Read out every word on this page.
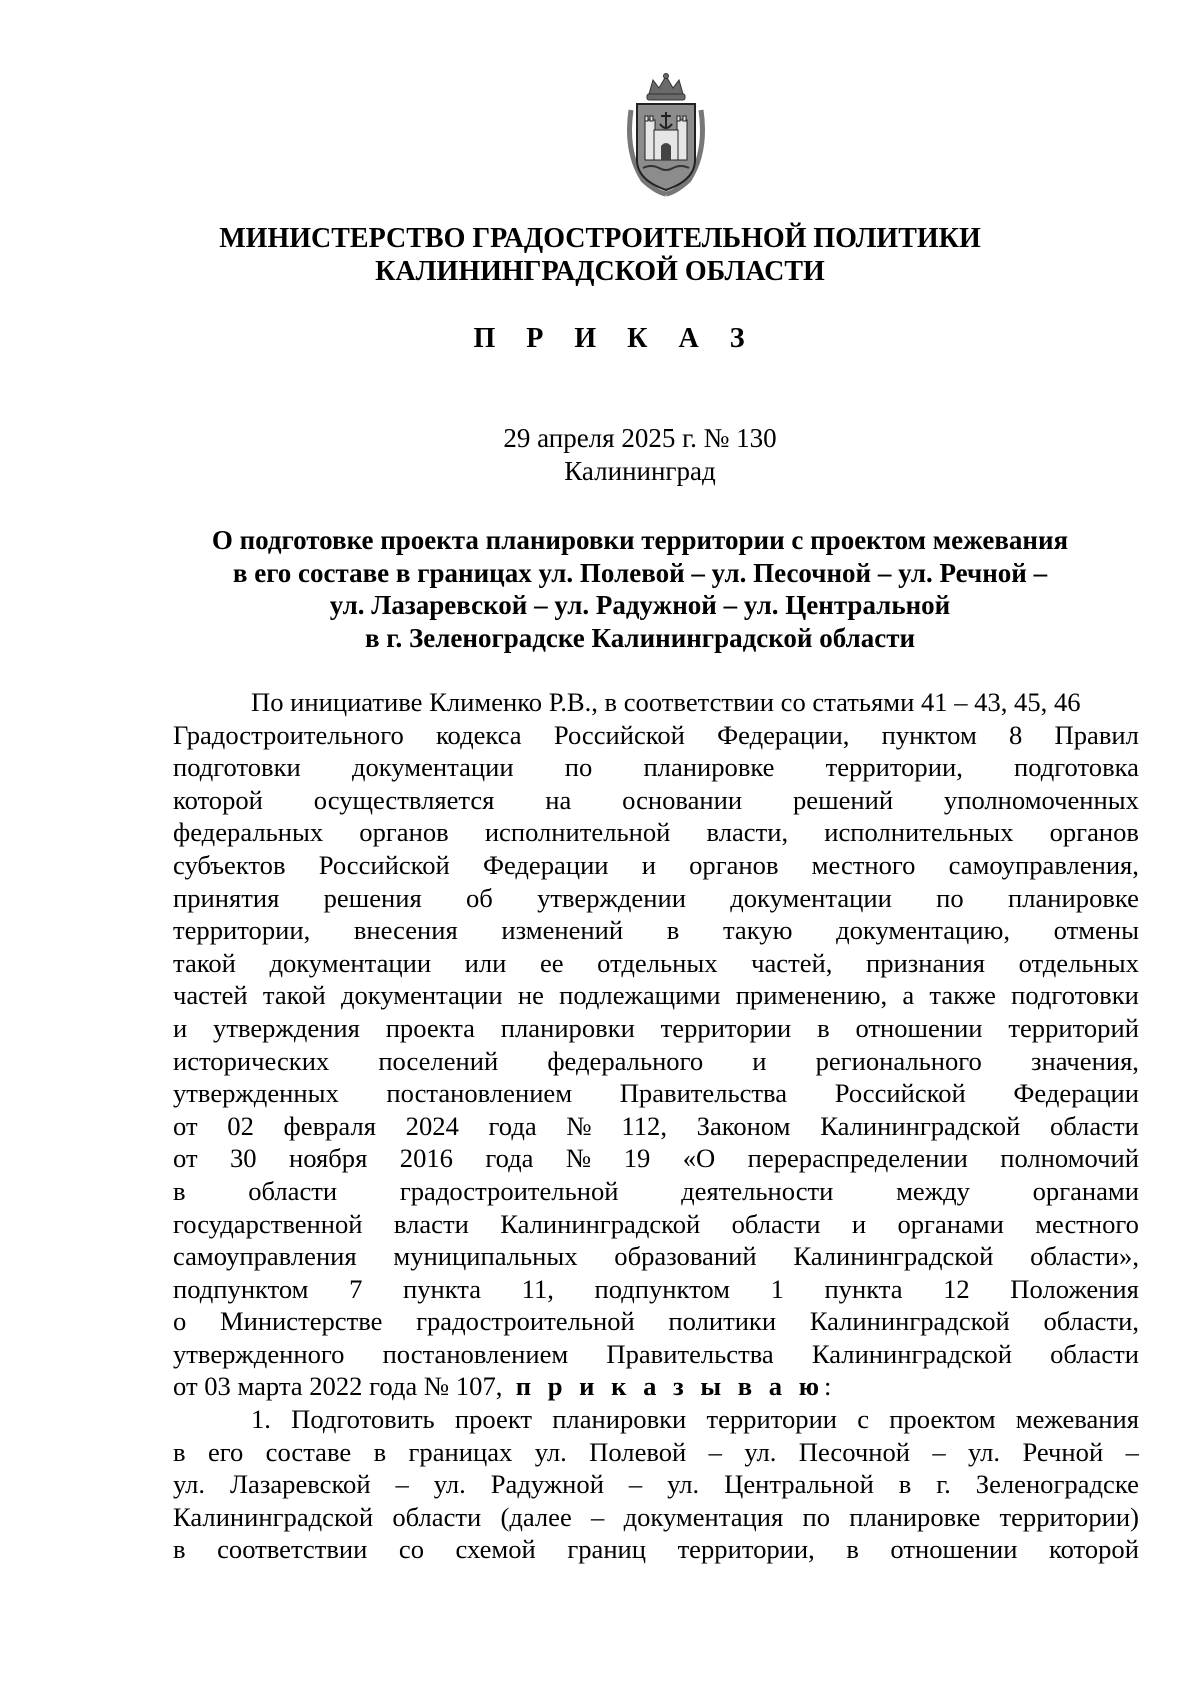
МИНИСТЕРСТВО ГРАДОСТРОИТЕЛЬНОЙ ПОЛИТИКИ
КАЛИНИНГРАДСКОЙ ОБЛАСТИ
П Р И К А З
29 апреля 2025 г. № 130
Калининград
О подготовке проекта планировки территории с проектом межевания
в его составе в границах ул. Полевой – ул. Песочной – ул. Речной –
ул. Лазаревской – ул. Радужной – ул. Центральной
в г. Зеленоградске Калининградской области
По инициативе Клименко Р.В., в соответствии со статьями 41 – 43, 45, 46
Градостроительного кодекса Российской Федерации, пунктом 8 Правил
подготовки документации по планировке территории, подготовка
которой осуществляется на основании решений уполномоченных
федеральных органов исполнительной власти, исполнительных органов
субъектов Российской Федерации и органов местного самоуправления,
принятия решения об утверждении документации по планировке
территории, внесения изменений в такую документацию, отмены
такой документации или ее отдельных частей, признания отдельных
частей такой документации не подлежащими применению, а также подготовки
и утверждения проекта планировки территории в отношении территорий
исторических поселений федерального и регионального значения,
утвержденных постановлением Правительства Российской Федерации
от 02 февраля 2024 года № 112, Законом Калининградской области
от 30 ноября 2016 года № 19 «О перераспределении полномочий
в области градостроительной деятельности между органами
государственной власти Калининградской области и органами местного
самоуправления муниципальных образований Калининградской области»,
подпунктом 7 пункта 11, подпунктом 1 пункта 12 Положения
о Министерстве градостроительной политики Калининградской области,
утвержденного постановлением Правительства Калининградской области
от 03 марта 2022 года № 107,
п р и к а з ы в а ю :
1. Подготовить проект планировки территории с проектом межевания
в его составе в границах ул. Полевой – ул. Песочной – ул. Речной –
ул. Лазаревской – ул. Радужной – ул. Центральной в г. Зеленоградске
Калининградской области (далее – документация по планировке территории)
в соответствии со схемой границ территории, в отношении которой
